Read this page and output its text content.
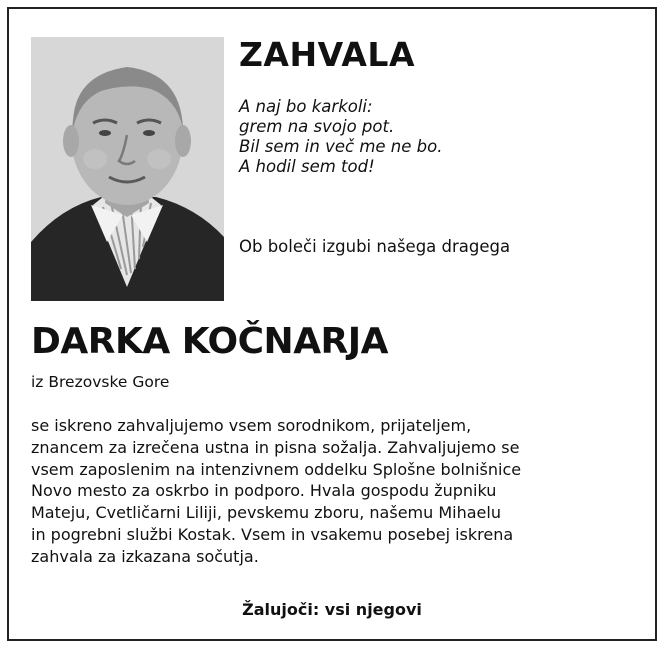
ZAHVALA
A naj bo karkoli:
grem na svojo pot.
Bil sem in več me ne bo.
A hodil sem tod!
Ob boleči izgubi našega dragega
DARKA KOČNARJA
iz Brezovske Gore
se iskreno zahvaljujemo vsem sorodnikom, prijateljem,
znancem za izrečena ustna in pisna sožalja. Zahvaljujemo se
vsem zaposlenim na intenzivnem oddelku Splošne bolnišnice
Novo mesto za oskrbo in podporo. Hvala gospodu župniku
Mateju, Cvetličarni Liliji, pevskemu zboru, našemu Mihaelu
in pogrebni službi Kostak. Vsem in vsakemu posebej iskrena
zahvala za izkazana sočutja.
Žalujoči: vsi njegovi
